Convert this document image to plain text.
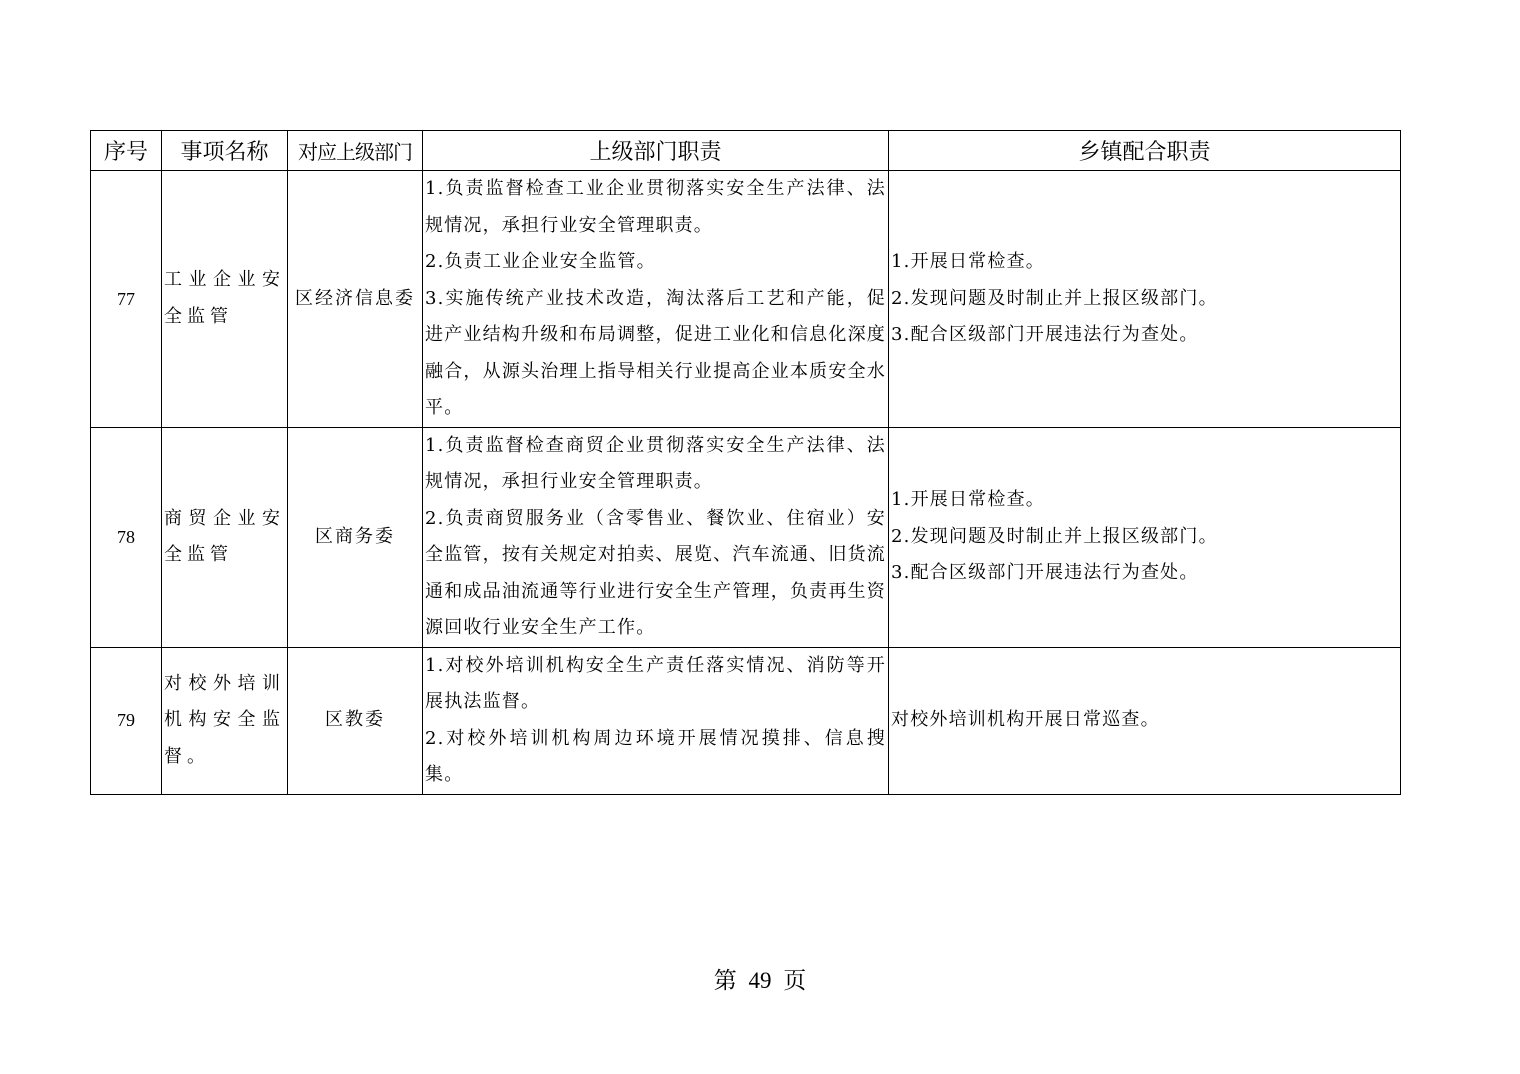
序号	事项名称	对应上级部门	上级部门职责	乡镇配合职责
77	工业企业安全监管	区经济信息委	1.负责监督检查工业企业贯彻落实安全生产法律、法规情况，承担行业安全管理职责。
2.负责工业企业安全监管。
3.实施传统产业技术改造，淘汰落后工艺和产能，促进产业结构升级和布局调整，促进工业化和信息化深度融合，从源头治理上指导相关行业提高企业本质安全水平。	1.开展日常检查。
2.发现问题及时制止并上报区级部门。
3.配合区级部门开展违法行为查处。

78	商贸企业安全监管	区商务委	1.负责监督检查商贸企业贯彻落实安全生产法律、法规情况，承担行业安全管理职责。
2.负责商贸服务业（含零售业、餐饮业、住宿业）安全监管，按有关规定对拍卖、展览、汽车流通、旧货流通和成品油流通等行业进行安全生产管理，负责再生资源回收行业安全生产工作。	1.开展日常检查。
2.发现问题及时制止并上报区级部门。
3.配合区级部门开展违法行为查处。

79	对校外培训机构安全监督。	区教委	1.对校外培训机构安全生产责任落实情况、消防等开展执法监督。
2.对校外培训机构周边环境开展情况摸排、信息搜集。	对校外培训机构开展日常巡查。
第 49 页
